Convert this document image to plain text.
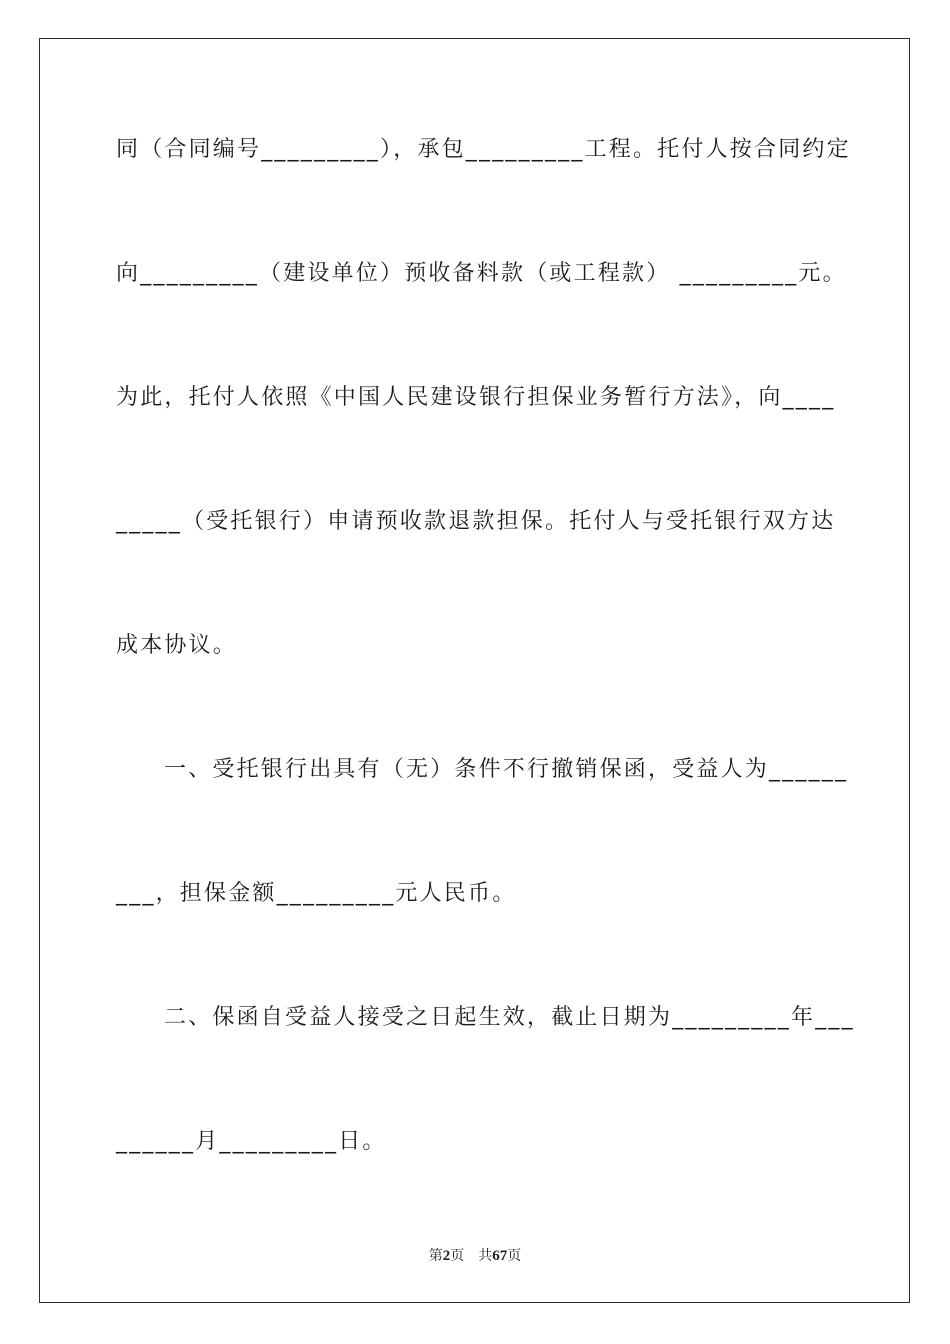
同（合同编号_________），承包_________工程。托付人按合同约定

向_________（建设单位）预收备料款（或工程款） _________元。

为此，托付人依照《中国人民建设银行担保业务暂行方法》，向____

_____（受托银行）申请预收款退款担保。托付人与受托银行双方达

成本协议。

一、受托银行出具有（无）条件不行撤销保函，受益人为______

___，担保金额_________元人民币。

二、保函自受益人接受之日起生效，截止日期为_________年___

______月_________日。

第2页 共67页
